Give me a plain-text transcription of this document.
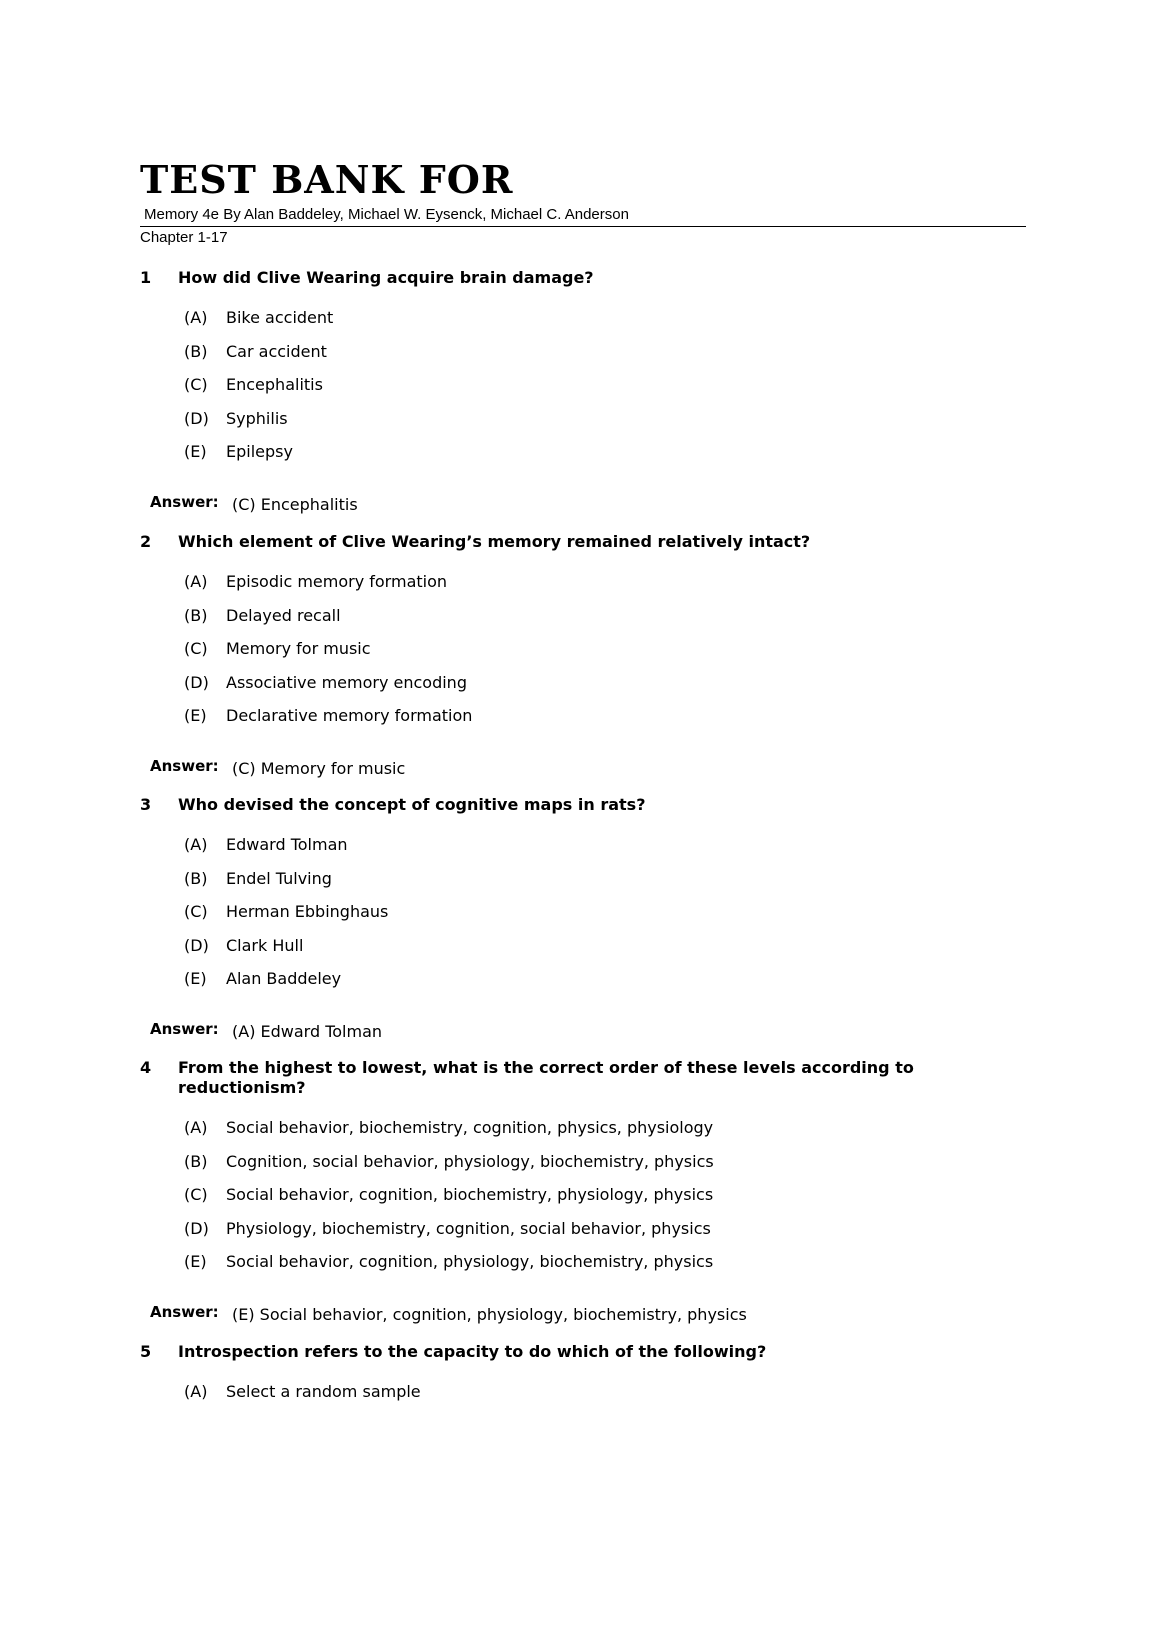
TEST BANK FOR
Memory 4e By Alan Baddeley, Michael W. Eysenck, Michael C. Anderson
Chapter 1-17
1	How did Clive Wearing acquire brain damage?
(A)	Bike accident
(B)	Car accident
(C)	Encephalitis
(D)	Syphilis
(E)	Epilepsy
Answer: (C) Encephalitis
2	Which element of Clive Wearing’s memory remained relatively intact?
(A)	Episodic memory formation
(B)	Delayed recall
(C)	Memory for music
(D)	Associative memory encoding
(E)	Declarative memory formation
Answer: (C) Memory for music
3	Who devised the concept of cognitive maps in rats?
(A)	Edward Tolman
(B)	Endel Tulving
(C)	Herman Ebbinghaus
(D)	Clark Hull
(E)	Alan Baddeley
Answer: (A) Edward Tolman
4	From the highest to lowest, what is the correct order of these levels according to reductionism?
(A)	Social behavior, biochemistry, cognition, physics, physiology
(B)	Cognition, social behavior, physiology, biochemistry, physics
(C)	Social behavior, cognition, biochemistry, physiology, physics
(D)	Physiology, biochemistry, cognition, social behavior, physics
(E)	Social behavior, cognition, physiology, biochemistry, physics
Answer: (E) Social behavior, cognition, physiology, biochemistry, physics
5	Introspection refers to the capacity to do which of the following?
(A)	Select a random sample
